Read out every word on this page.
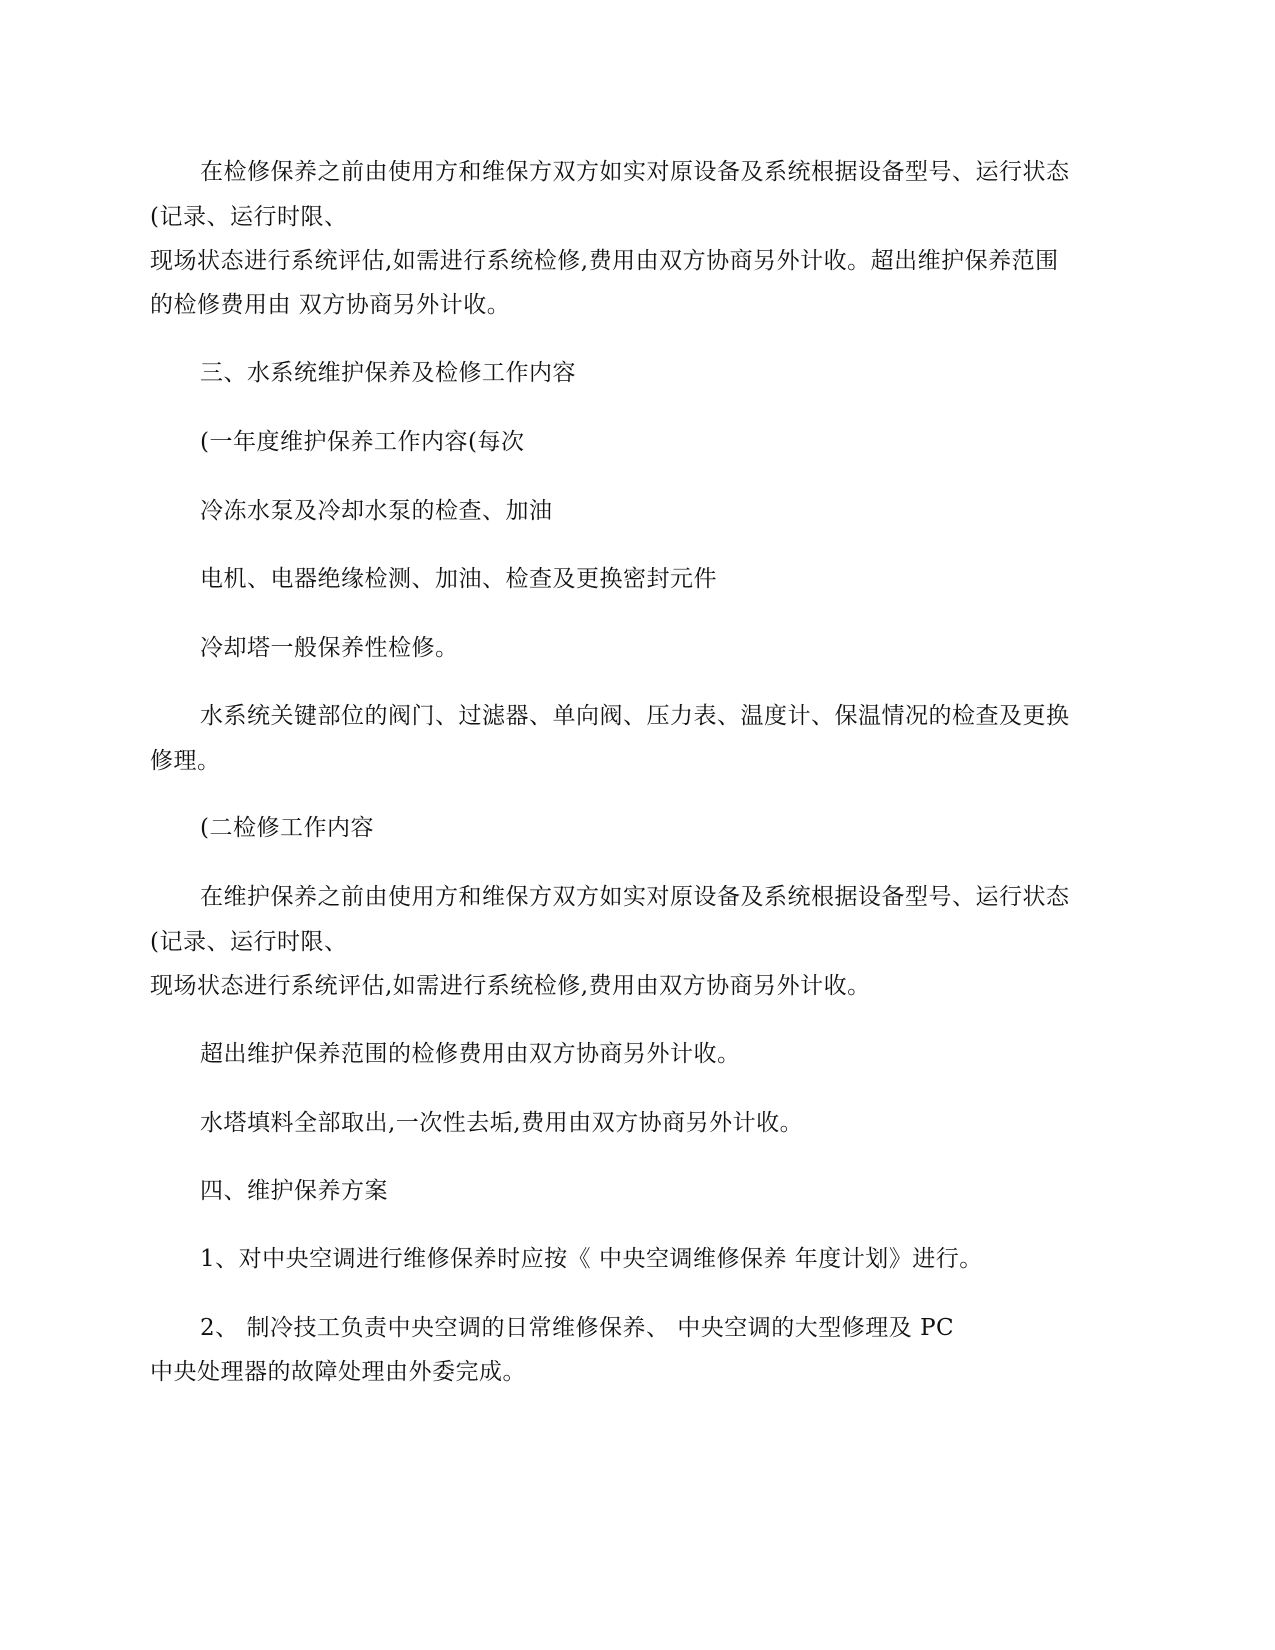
在检修保养之前由使用方和维保方双方如实对原设备及系统根据设备型号、运行状态
(记录、运行时限、
现场状态进行系统评估,如需进行系统检修,费用由双方协商另外计收。超出维护保养范围
的检修费用由 双方协商另外计收。
三、水系统维护保养及检修工作内容
(一年度维护保养工作内容(每次
冷冻水泵及冷却水泵的检查、加油
电机、电器绝缘检测、加油、检查及更换密封元件
冷却塔一般保养性检修。
水系统关键部位的阀门、过滤器、单向阀、压力表、温度计、保温情况的检查及更换
修理。
(二检修工作内容
在维护保养之前由使用方和维保方双方如实对原设备及系统根据设备型号、运行状态
(记录、运行时限、
现场状态进行系统评估,如需进行系统检修,费用由双方协商另外计收。
超出维护保养范围的检修费用由双方协商另外计收。
水塔填料全部取出,一次性去垢,费用由双方协商另外计收。
四、维护保养方案
1、对中央空调进行维修保养时应按《 中央空调维修保养 年度计划》进行。
2、 制冷技工负责中央空调的日常维修保养、 中央空调的大型修理及 PC
中央处理器的故障处理由外委完成。
